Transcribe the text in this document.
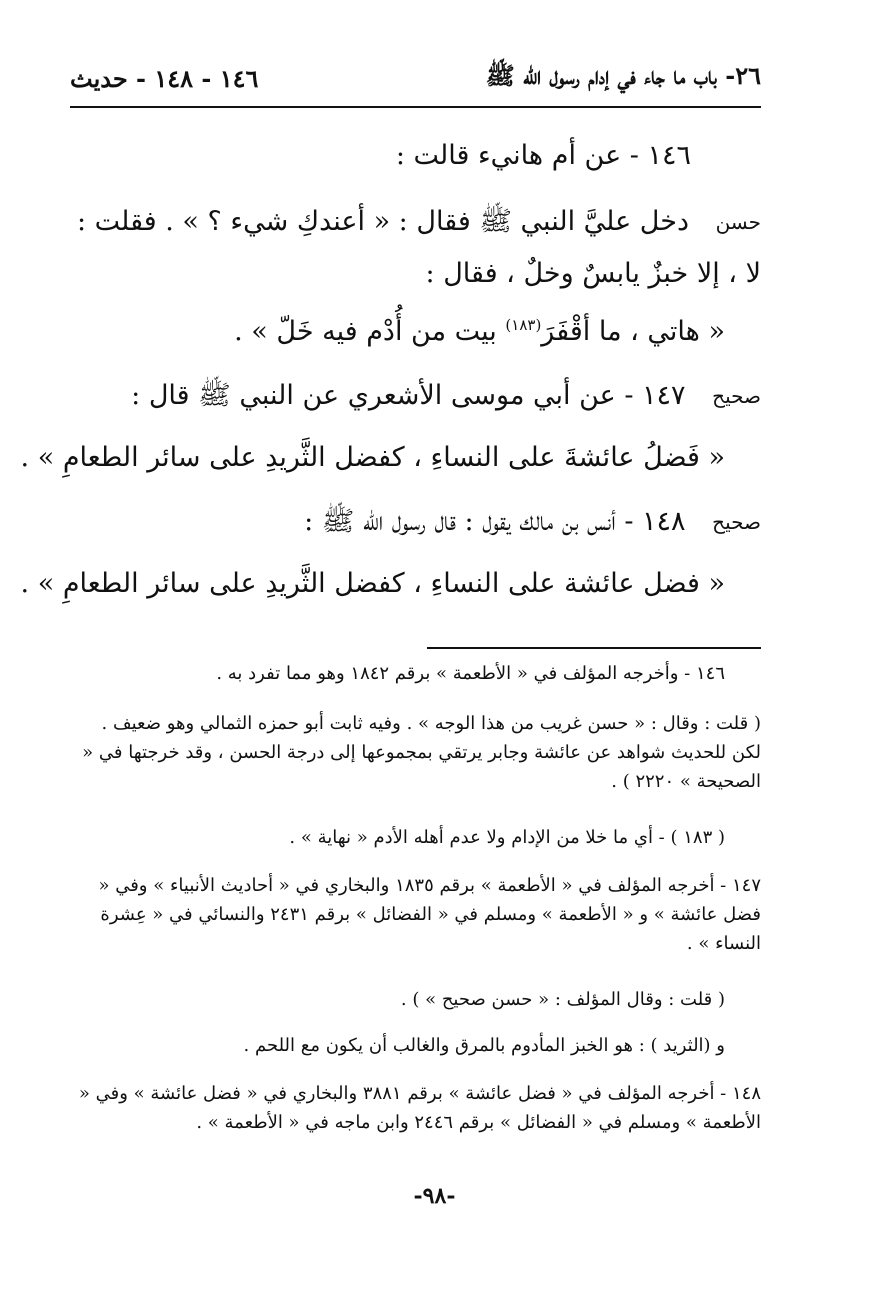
٢٦- باب ما جاء في إدام رسول الله ﷺ
١٤٦ - ١٤٨ - حديث
١٤٦ - عن أم هانيء قالت :
حسن دخل عليَّ النبي ﷺ فقال : « أعندكِ شيء ؟ » . فقلت :
لا ، إلا خبزٌ يابسٌ وخلٌ ، فقال :
« هاتي ، ما أقْفَرَ$^{(١٨٣)}$ بيت من أُدْم فيه خَلّ » .
صحيح ١٤٧ - عن أبي موسى الأشعري عن النبي ﷺ قال :
« فَضلُ عائشةَ على النساءِ ، كفضل الثَّريدِ على سائر الطعامِ » .
صحيح ١٤٨ - أنس بن مالك يقول : قال رسول الله ﷺ :
« فضل عائشة على النساءِ ، كفضل الثَّريدِ على سائر الطعامِ » .
١٤٦ - وأخرجه المؤلف في « الأطعمة » برقم ١٨٤٢ وهو مما تفرد به .
( قلت : وقال : « حسن غريب من هذا الوجه » . وفيه ثابت أبو حمزه الثمالي وهو ضعيف . لكن للحديث شواهد عن عائشة وجابر يرتقي بمجموعها إلى درجة الحسن ، وقد خرجتها في « الصحيحة » ٢٢٢٠ ) .
( ١٨٣ ) - أي ما خلا من الإدام ولا عدم أهله الأدم « نهاية » .
١٤٧ - أخرجه المؤلف في « الأطعمة » برقم ١٨٣٥ والبخاري في « أحاديث الأنبياء » وفي « فضل عائشة » و « الأطعمة » ومسلم في « الفضائل » برقم ٢٤٣١ والنسائي في « عِشرة النساء » .
( قلت : وقال المؤلف : « حسن صحيح » ) .
و (الثريد ) : هو الخبز المأدوم بالمرق والغالب أن يكون مع اللحم .
١٤٨ - أخرجه المؤلف في « فضل عائشة » برقم ٣٨٨١ والبخاري في « فضل عائشة » وفي « الأطعمة » ومسلم في « الفضائل » برقم ٢٤٤٦ وابن ماجه في « الأطعمة » .
-٩٨-
